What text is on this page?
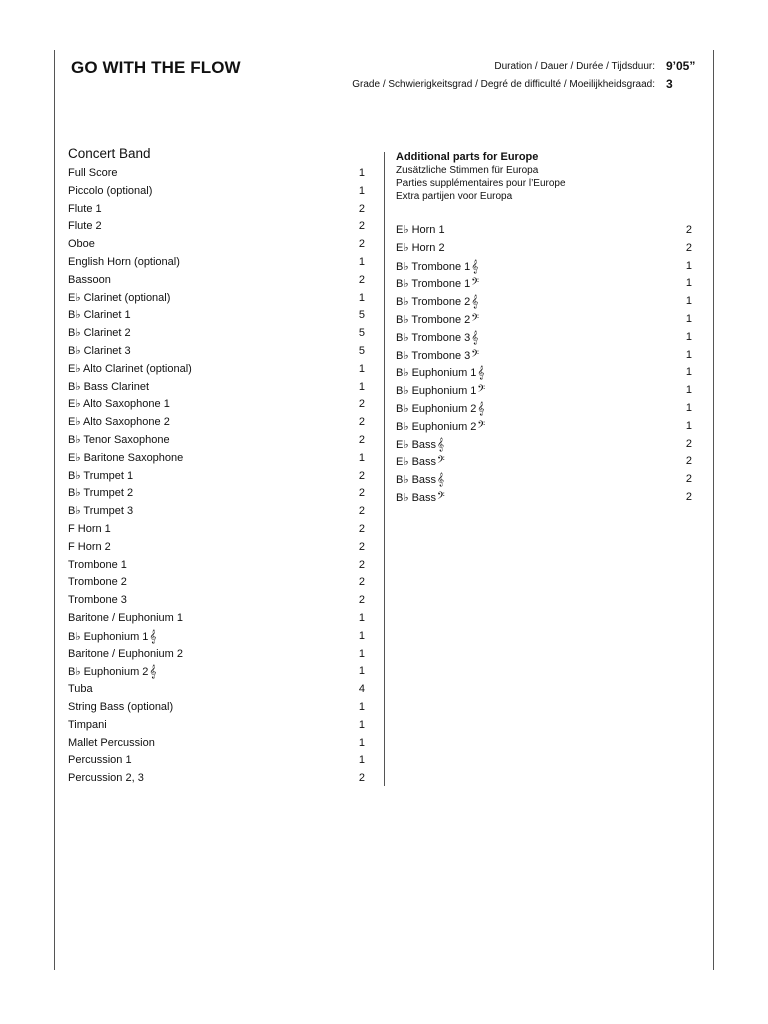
GO WITH THE FLOW	Duration / Dauer / Durée / Tijdsduur: 9’05”
Grade / Schwierigkeitsgrad / Degré de difficulté / Moeilijkheidsgraad: 3
Concert Band
Full Score	1
Piccolo (optional)	1
Flute 1	2
Flute 2	2
Oboe	2
English Horn (optional)	1
Bassoon	2
E♭ Clarinet (optional)	1
B♭ Clarinet 1	5
B♭ Clarinet 2	5
B♭ Clarinet 3	5
E♭ Alto Clarinet (optional)	1
B♭ Bass Clarinet	1
E♭ Alto Saxophone 1	2
E♭ Alto Saxophone 2	2
B♭ Tenor Saxophone	2
E♭ Baritone Saxophone	1
B♭ Trumpet 1	2
B♭ Trumpet 2	2
B♭ Trumpet 3	2
F Horn 1	2
F Horn 2	2
Trombone 1	2
Trombone 2	2
Trombone 3	2
Baritone / Euphonium 1	1
B♭ Euphonium 1𝄞	1
Baritone / Euphonium 2	1
B♭ Euphonium 2𝄞	1
Tuba	4
String Bass (optional)	1
Timpani	1
Mallet Percussion	1
Percussion 1	1
Percussion 2, 3	2
Additional parts for Europe
Zusätzliche Stimmen für Europa
Parties supplémentaires pour l’Europe
Extra partijen voor Europa
E♭ Horn 1	2
E♭ Horn 2	2
B♭ Trombone 1𝄞	1
B♭ Trombone 1𝄢	1
B♭ Trombone 2𝄞	1
B♭ Trombone 2𝄢	1
B♭ Trombone 3𝄞	1
B♭ Trombone 3𝄢	1
B♭ Euphonium 1𝄞	1
B♭ Euphonium 1𝄢	1
B♭ Euphonium 2𝄞	1
B♭ Euphonium 2𝄢	1
E♭ Bass𝄞	2
E♭ Bass𝄢	2
B♭ Bass𝄞	2
B♭ Bass𝄢	2
